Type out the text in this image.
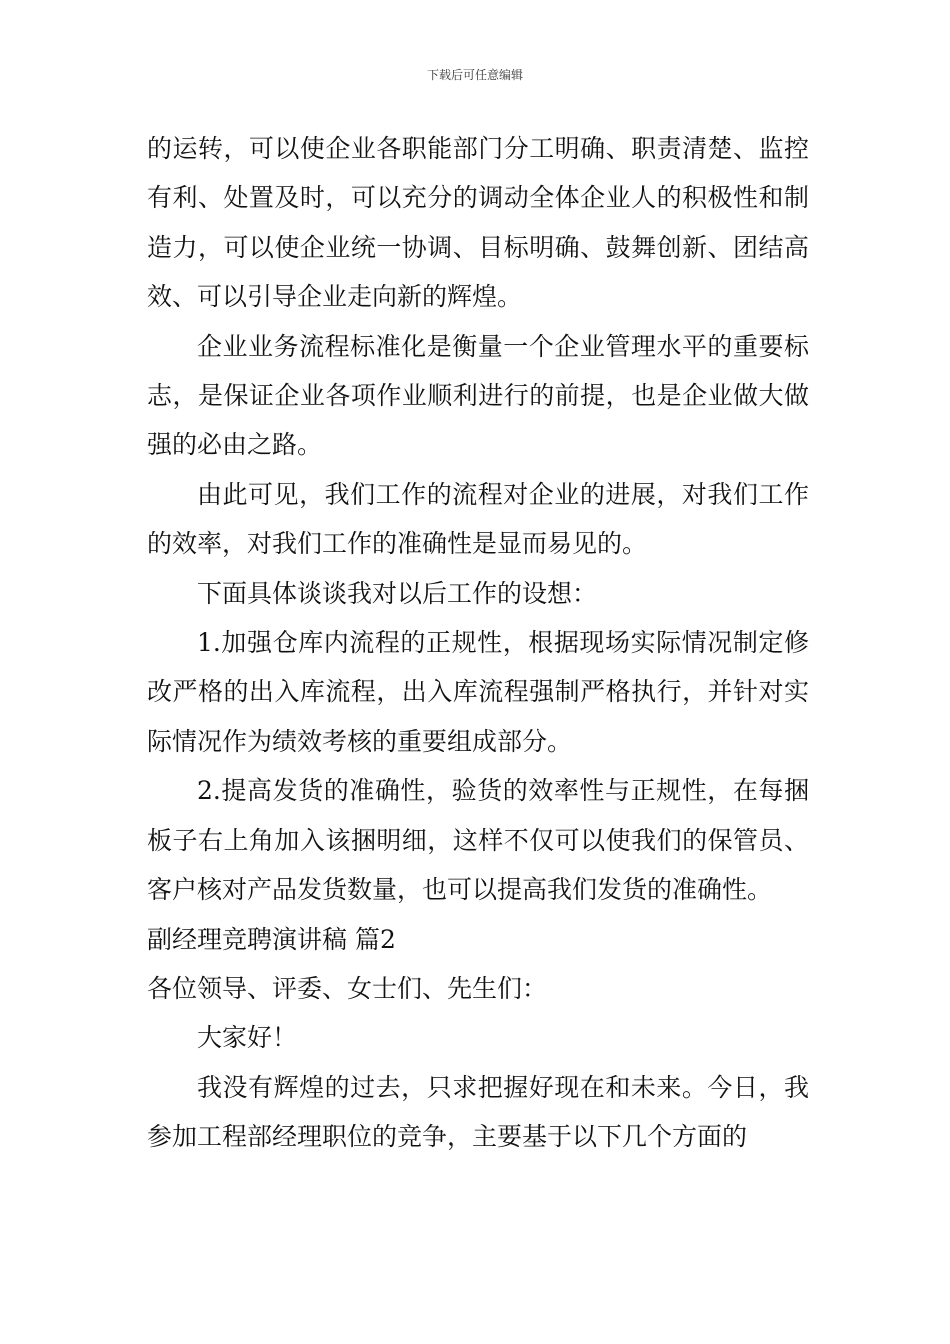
下载后可任意编辑

的运转，可以使企业各职能部门分工明确、职责清楚、监控有利、处置及时，可以充分的调动全体企业人的积极性和制造力，可以使企业统一协调、目标明确、鼓舞创新、团结高效、可以引导企业走向新的辉煌。

企业业务流程标准化是衡量一个企业管理水平的重要标志，是保证企业各项作业顺利进行的前提，也是企业做大做强的必由之路。

由此可见，我们工作的流程对企业的进展，对我们工作的效率，对我们工作的准确性是显而易见的。

下面具体谈谈我对以后工作的设想：

1.加强仓库内流程的正规性，根据现场实际情况制定修改严格的出入库流程，出入库流程强制严格执行，并针对实际情况作为绩效考核的重要组成部分。

2.提高发货的准确性，验货的效率性与正规性，在每捆板子右上角加入该捆明细，这样不仅可以使我们的保管员、客户核对产品发货数量，也可以提高我们发货的准确性。

副经理竞聘演讲稿 篇2

各位领导、评委、女士们、先生们：

大家好！

我没有辉煌的过去，只求把握好现在和未来。今日，我参加工程部经理职位的竞争，主要基于以下几个方面的
